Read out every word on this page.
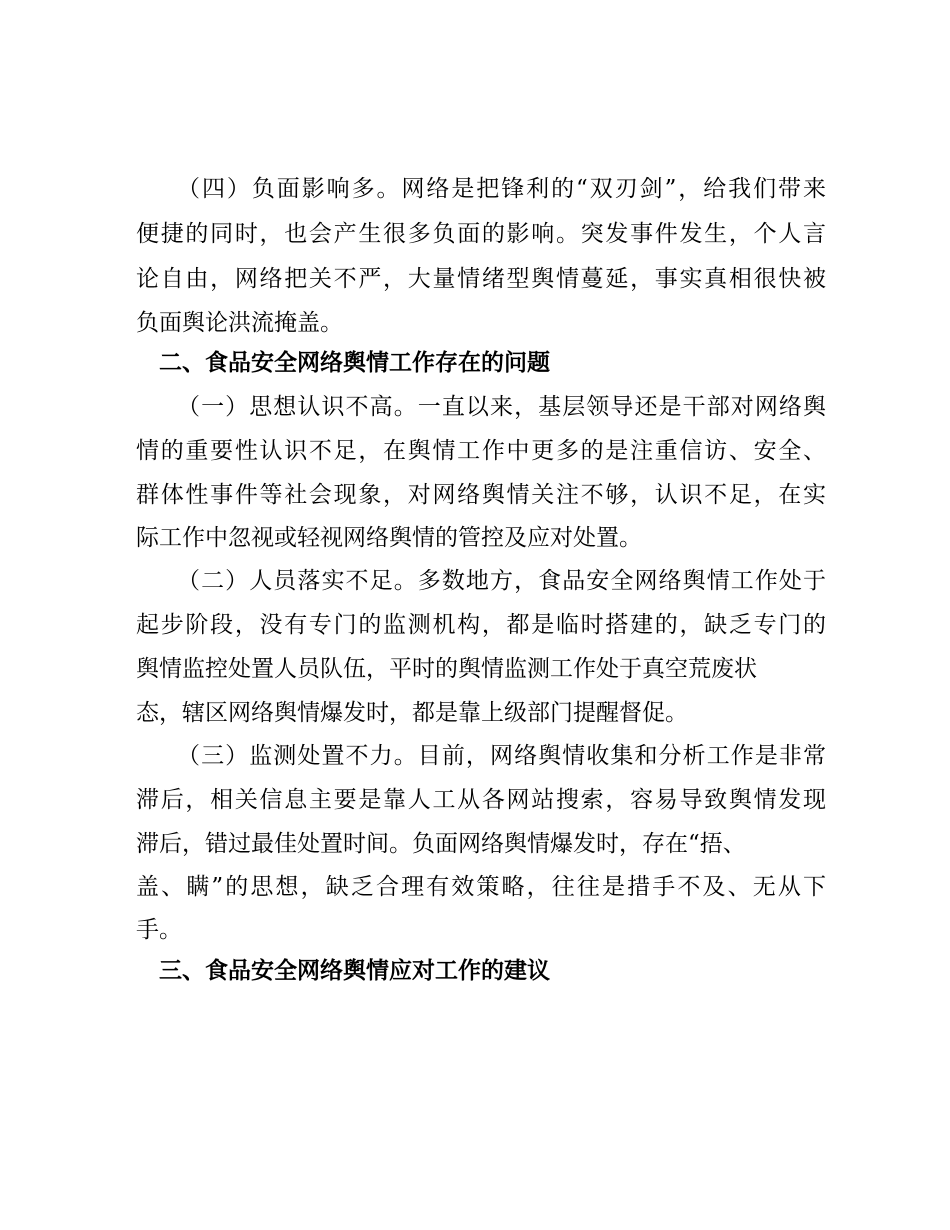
（四）负面影响多。网络是把锋利的“双刃剑”，给我们带来
便捷的同时，也会产生很多负面的影响。突发事件发生，个人言
论自由，网络把关不严，大量情绪型舆情蔓延，事实真相很快被
负面舆论洪流掩盖。
二、食品安全网络舆情工作存在的问题
（一）思想认识不高。一直以来，基层领导还是干部对网络舆
情的重要性认识不足，在舆情工作中更多的是注重信访、安全、
群体性事件等社会现象，对网络舆情关注不够，认识不足，在实
际工作中忽视或轻视网络舆情的管控及应对处置。
（二）人员落实不足。多数地方，食品安全网络舆情工作处于
起步阶段，没有专门的监测机构，都是临时搭建的，缺乏专门的
舆情监控处置人员队伍，平时的舆情监测工作处于真空荒废状
态，辖区网络舆情爆发时，都是靠上级部门提醒督促。
（三）监测处置不力。目前，网络舆情收集和分析工作是非常
滞后，相关信息主要是靠人工从各网站搜索，容易导致舆情发现
滞后，错过最佳处置时间。负面网络舆情爆发时，存在“捂、
盖、瞒”的思想，缺乏合理有效策略，往往是措手不及、无从下
手。
三、食品安全网络舆情应对工作的建议
